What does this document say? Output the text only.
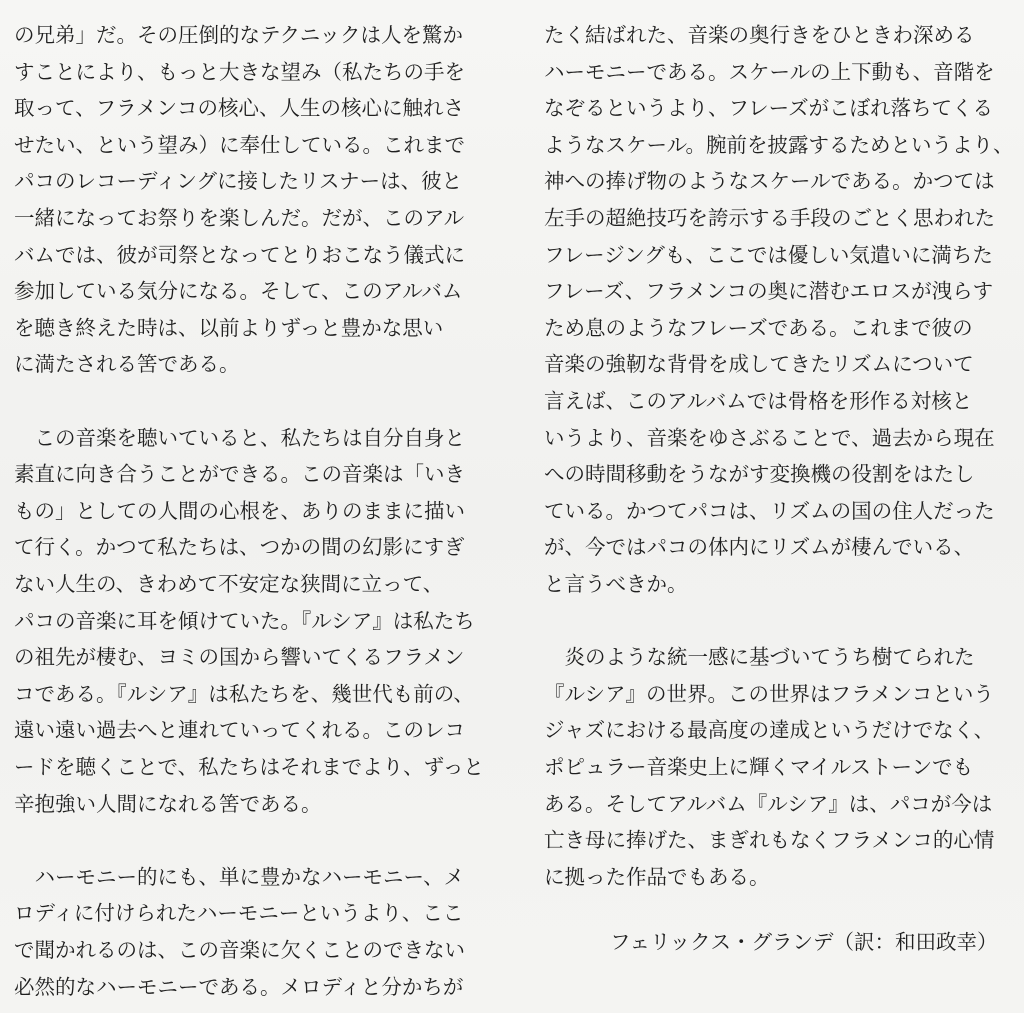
の兄弟」だ。その圧倒的なテクニックは人を驚か
すことにより、もっと大きな望み（私たちの手を
取って、フラメンコの核心、人生の核心に触れさ
せたい、という望み）に奉仕している。これまで
パコのレコーディングに接したリスナーは、彼と
一緒になってお祭りを楽しんだ。だが、このアル
バムでは、彼が司祭となってとりおこなう儀式に
参加している気分になる。そして、このアルバム
を聴き終えた時は、以前よりずっと豊かな思い
に満たされる筈である。
　この音楽を聴いていると、私たちは自分自身と
素直に向き合うことができる。この音楽は「いき
もの」としての人間の心根を、ありのままに描い
て行く。かつて私たちは、つかの間の幻影にすぎ
ない人生の、きわめて不安定な狭間に立って、
パコの音楽に耳を傾けていた。『ルシア』は私たち
の祖先が棲む、ヨミの国から響いてくるフラメン
コである。『ルシア』は私たちを、幾世代も前の、
遠い遠い過去へと連れていってくれる。このレコ
ードを聴くことで、私たちはそれまでより、ずっと
辛抱強い人間になれる筈である。
　ハーモニー的にも、単に豊かなハーモニー、メ
ロディに付けられたハーモニーというより、ここ
で聞かれるのは、この音楽に欠くことのできない
必然的なハーモニーである。メロディと分かちが
たく結ばれた、音楽の奥行きをひときわ深める
ハーモニーである。スケールの上下動も、音階を
なぞるというより、フレーズがこぼれ落ちてくる
ようなスケール。腕前を披露するためというより、
神への捧げ物のようなスケールである。かつては
左手の超絶技巧を誇示する手段のごとく思われた
フレージングも、ここでは優しい気遣いに満ちた
フレーズ、フラメンコの奥に潜むエロスが洩らす
ため息のようなフレーズである。これまで彼の
音楽の強靭な背骨を成してきたリズムについて
言えば、このアルバムでは骨格を形作る対核と
いうより、音楽をゆさぶることで、過去から現在
への時間移動をうながす変換機の役割をはたし
ている。かつてパコは、リズムの国の住人だった
が、今ではパコの体内にリズムが棲んでいる、
と言うべきか。
　炎のような統一感に基づいてうち樹てられた
『ルシア』の世界。この世界はフラメンコという
ジャズにおける最高度の達成というだけでなく、
ポピュラー音楽史上に輝くマイルストーンでも
ある。そしてアルバム『ルシア』は、パコが今は
亡き母に捧げた、まぎれもなくフラメンコ的心情
に拠った作品でもある。
フェリックス・グランデ（訳：和田政幸）
